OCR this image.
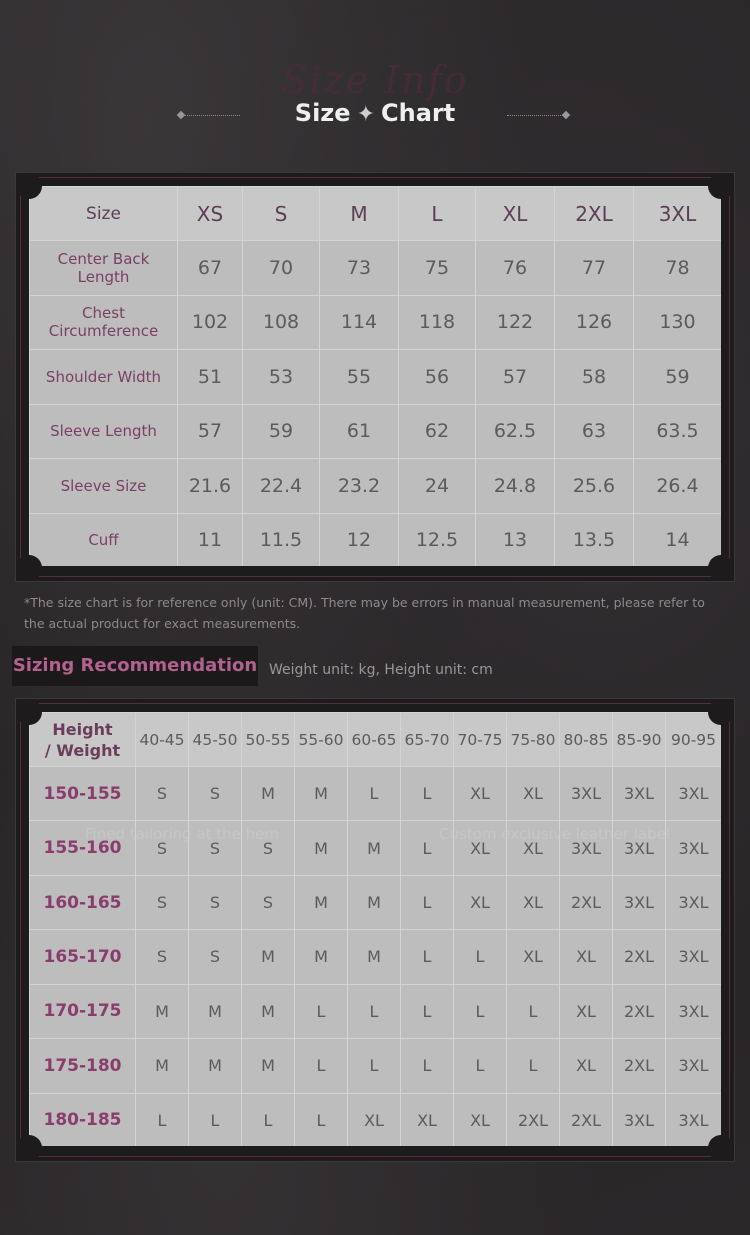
Size Info
Size ✦ Chart
Size	XS	S	M	L	XL	2XL	3XL
Center Back Length	67	70	73	75	76	77	78
Chest Circumference	102	108	114	118	122	126	130
Shoulder Width	51	53	55	56	57	58	59
Sleeve Length	57	59	61	62	62.5	63	63.5
Sleeve Size	21.6	22.4	23.2	24	24.8	25.6	26.4
Cuff	11	11.5	12	12.5	13	13.5	14
*The size chart is for reference only (unit: CM). There may be errors in manual measurement, please refer to the actual product for exact measurements.
Sizing Recommendation Weight unit: kg, Height unit: cm
Height
/ Weight	40-45	45-50	50-55	55-60	60-65	65-70	70-75	75-80	80-85	85-90	90-95
150-155	S	S	M	M	L	L	XL	XL	3XL	3XL	3XL
155-160	S	S	S	M	M	L	XL	XL	3XL	3XL	3XL
160-165	S	S	S	M	M	L	XL	XL	2XL	3XL	3XL
165-170	S	S	M	M	M	L	L	XL	XL	2XL	3XL
170-175	M	M	M	L	L	L	L	L	XL	2XL	3XL
175-180	M	M	M	L	L	L	L	L	XL	2XL	3XL
180-185	L	L	L	L	XL	XL	XL	2XL	2XL	3XL	3XL
Fined tailoring at the hem	Custom exclusive leather label
